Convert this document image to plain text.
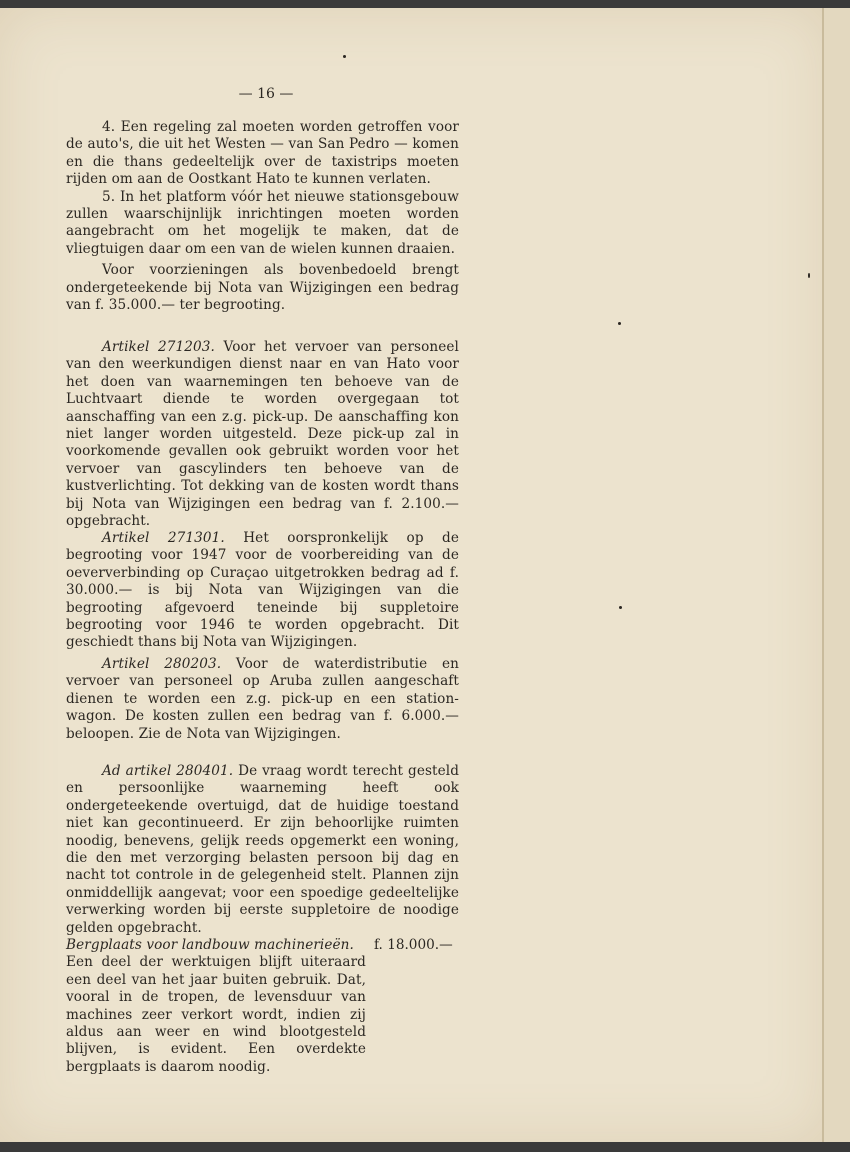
— 16 —

4. Een regeling zal moeten worden getroffen voor de auto's, die uit het Westen — van San Pedro — komen en die thans gedeeltelijk over de taxistrips moeten rijden om aan de Oostkant Hato te kunnen verlaten.

5. In het platform vóór het nieuwe stationsgebouw zullen waarschijnlijk inrichtingen moeten worden aangebracht om het mogelijk te maken, dat de vliegtuigen daar om een van de wielen kunnen draaien.

Voor voorzieningen als bovenbedoeld brengt ondergeteekende bij Nota van Wijzigingen een bedrag van f. 35.000.— ter begrooting.

Artikel 271203. Voor het vervoer van personeel van den weerkundigen dienst naar en van Hato voor het doen van waarnemingen ten behoeve van de Luchtvaart diende te worden overgegaan tot aanschaffing van een z.g. pick-up. De aanschaffing kon niet langer worden uitgesteld. Deze pick-up zal in voorkomende gevallen ook gebruikt worden voor het vervoer van gascylinders ten behoeve van de kustverlichting. Tot dekking van de kosten wordt thans bij Nota van Wijzigingen een bedrag van f. 2.100.— opgebracht.

Artikel 271301. Het oorspronkelijk op de begrooting voor 1947 voor de voorbereiding van de oeververbinding op Curaçao uitgetrokken bedrag ad f. 30.000.— is bij Nota van Wijzigingen van die begrooting afgevoerd teneinde bij suppletoire begrooting voor 1946 te worden opgebracht. Dit geschiedt thans bij Nota van Wijzigingen.

Artikel 280203. Voor de waterdistributie en vervoer van personeel op Aruba zullen aangeschaft dienen te worden een z.g. pick-up en een station-wagon. De kosten zullen een bedrag van f. 6.000.— beloopen. Zie de Nota van Wijzigingen.

Ad artikel 280401. De vraag wordt terecht gesteld en persoonlijke waarneming heeft ook ondergeteekende overtuigd, dat de huidige toestand niet kan gecontinueerd. Er zijn behoorlijke ruimten noodig, benevens, gelijk reeds opgemerkt een woning, die den met verzorging belasten persoon bij dag en nacht tot controle in de gelegenheid stelt. Plannen zijn onmiddellijk aangevat; voor een spoedige gedeeltelijke verwerking worden bij eerste suppletoire de noodige gelden opgebracht.

Bergplaats voor landbouw machinerieën.
Een deel der werktuigen blijft uiteraard een deel van het jaar buiten gebruik. Dat, vooral in de tropen, de levensduur van machines zeer verkort wordt, indien zij aldus aan weer en wind blootgesteld blijven, is evident. Een overdekte bergplaats is daarom noodig.
f. 18.000.—
